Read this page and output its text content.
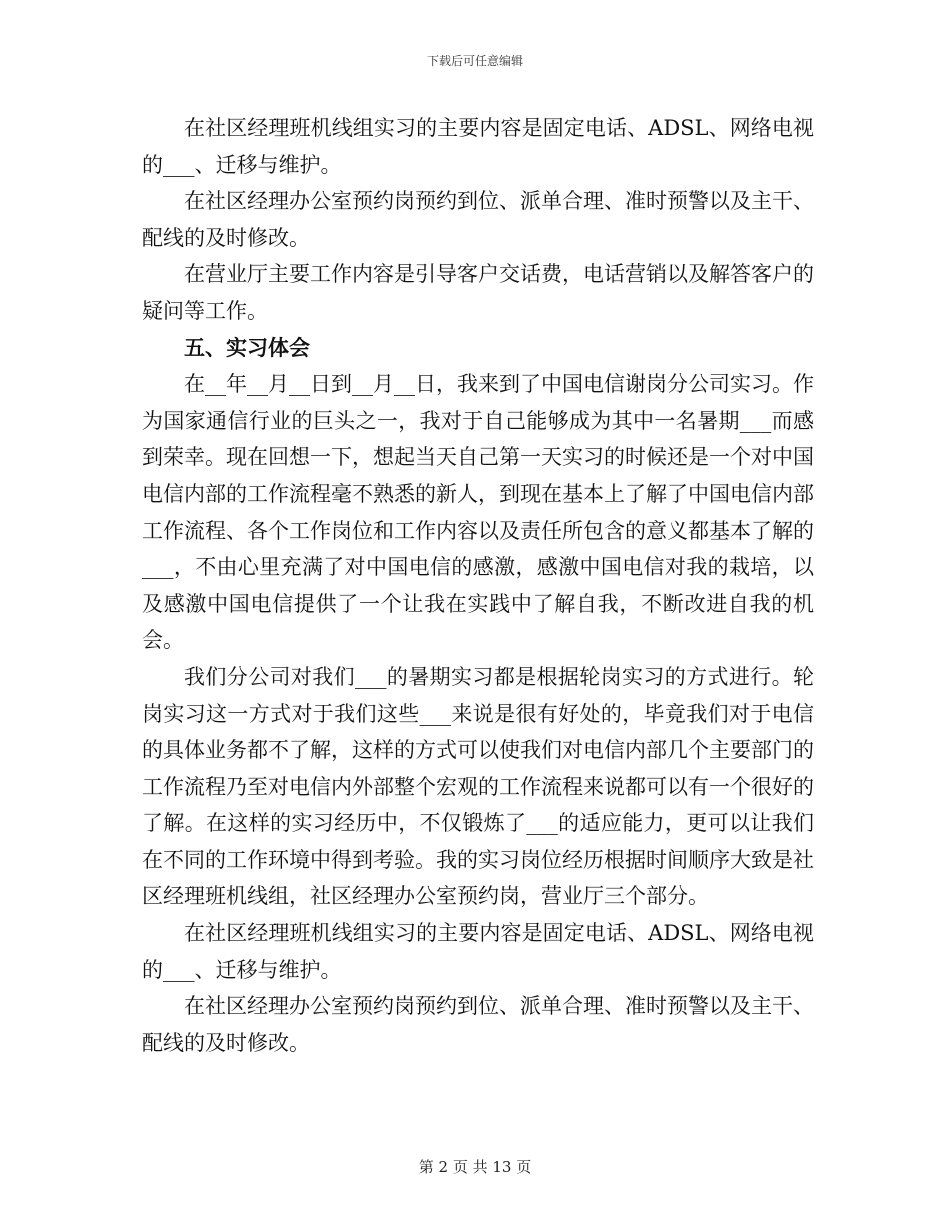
下载后可任意编辑

在社区经理班机线组实习的主要内容是固定电话、ADSL、网络电视的___、迁移与维护。

在社区经理办公室预约岗预约到位、派单合理、准时预警以及主干、配线的及时修改。

在营业厅主要工作内容是引导客户交话费，电话营销以及解答客户的疑问等工作。

五、实习体会

在__年__月__日到__月__日，我来到了中国电信谢岗分公司实习。作为国家通信行业的巨头之一，我对于自己能够成为其中一名暑期___而感到荣幸。现在回想一下，想起当天自己第一天实习的时候还是一个对中国电信内部的工作流程毫不熟悉的新人，到现在基本上了解了中国电信内部工作流程、各个工作岗位和工作内容以及责任所包含的意义都基本了解的___，不由心里充满了对中国电信的感激，感激中国电信对我的栽培，以及感激中国电信提供了一个让我在实践中了解自我，不断改进自我的机会。

我们分公司对我们___的暑期实习都是根据轮岗实习的方式进行。轮岗实习这一方式对于我们这些___来说是很有好处的，毕竟我们对于电信的具体业务都不了解，这样的方式可以使我们对电信内部几个主要部门的工作流程乃至对电信内外部整个宏观的工作流程来说都可以有一个很好的了解。在这样的实习经历中，不仅锻炼了___的适应能力，更可以让我们在不同的工作环境中得到考验。我的实习岗位经历根据时间顺序大致是社区经理班机线组，社区经理办公室预约岗，营业厅三个部分。

在社区经理班机线组实习的主要内容是固定电话、ADSL、网络电视的___、迁移与维护。

在社区经理办公室预约岗预约到位、派单合理、准时预警以及主干、配线的及时修改。

第 2 页 共 13 页
